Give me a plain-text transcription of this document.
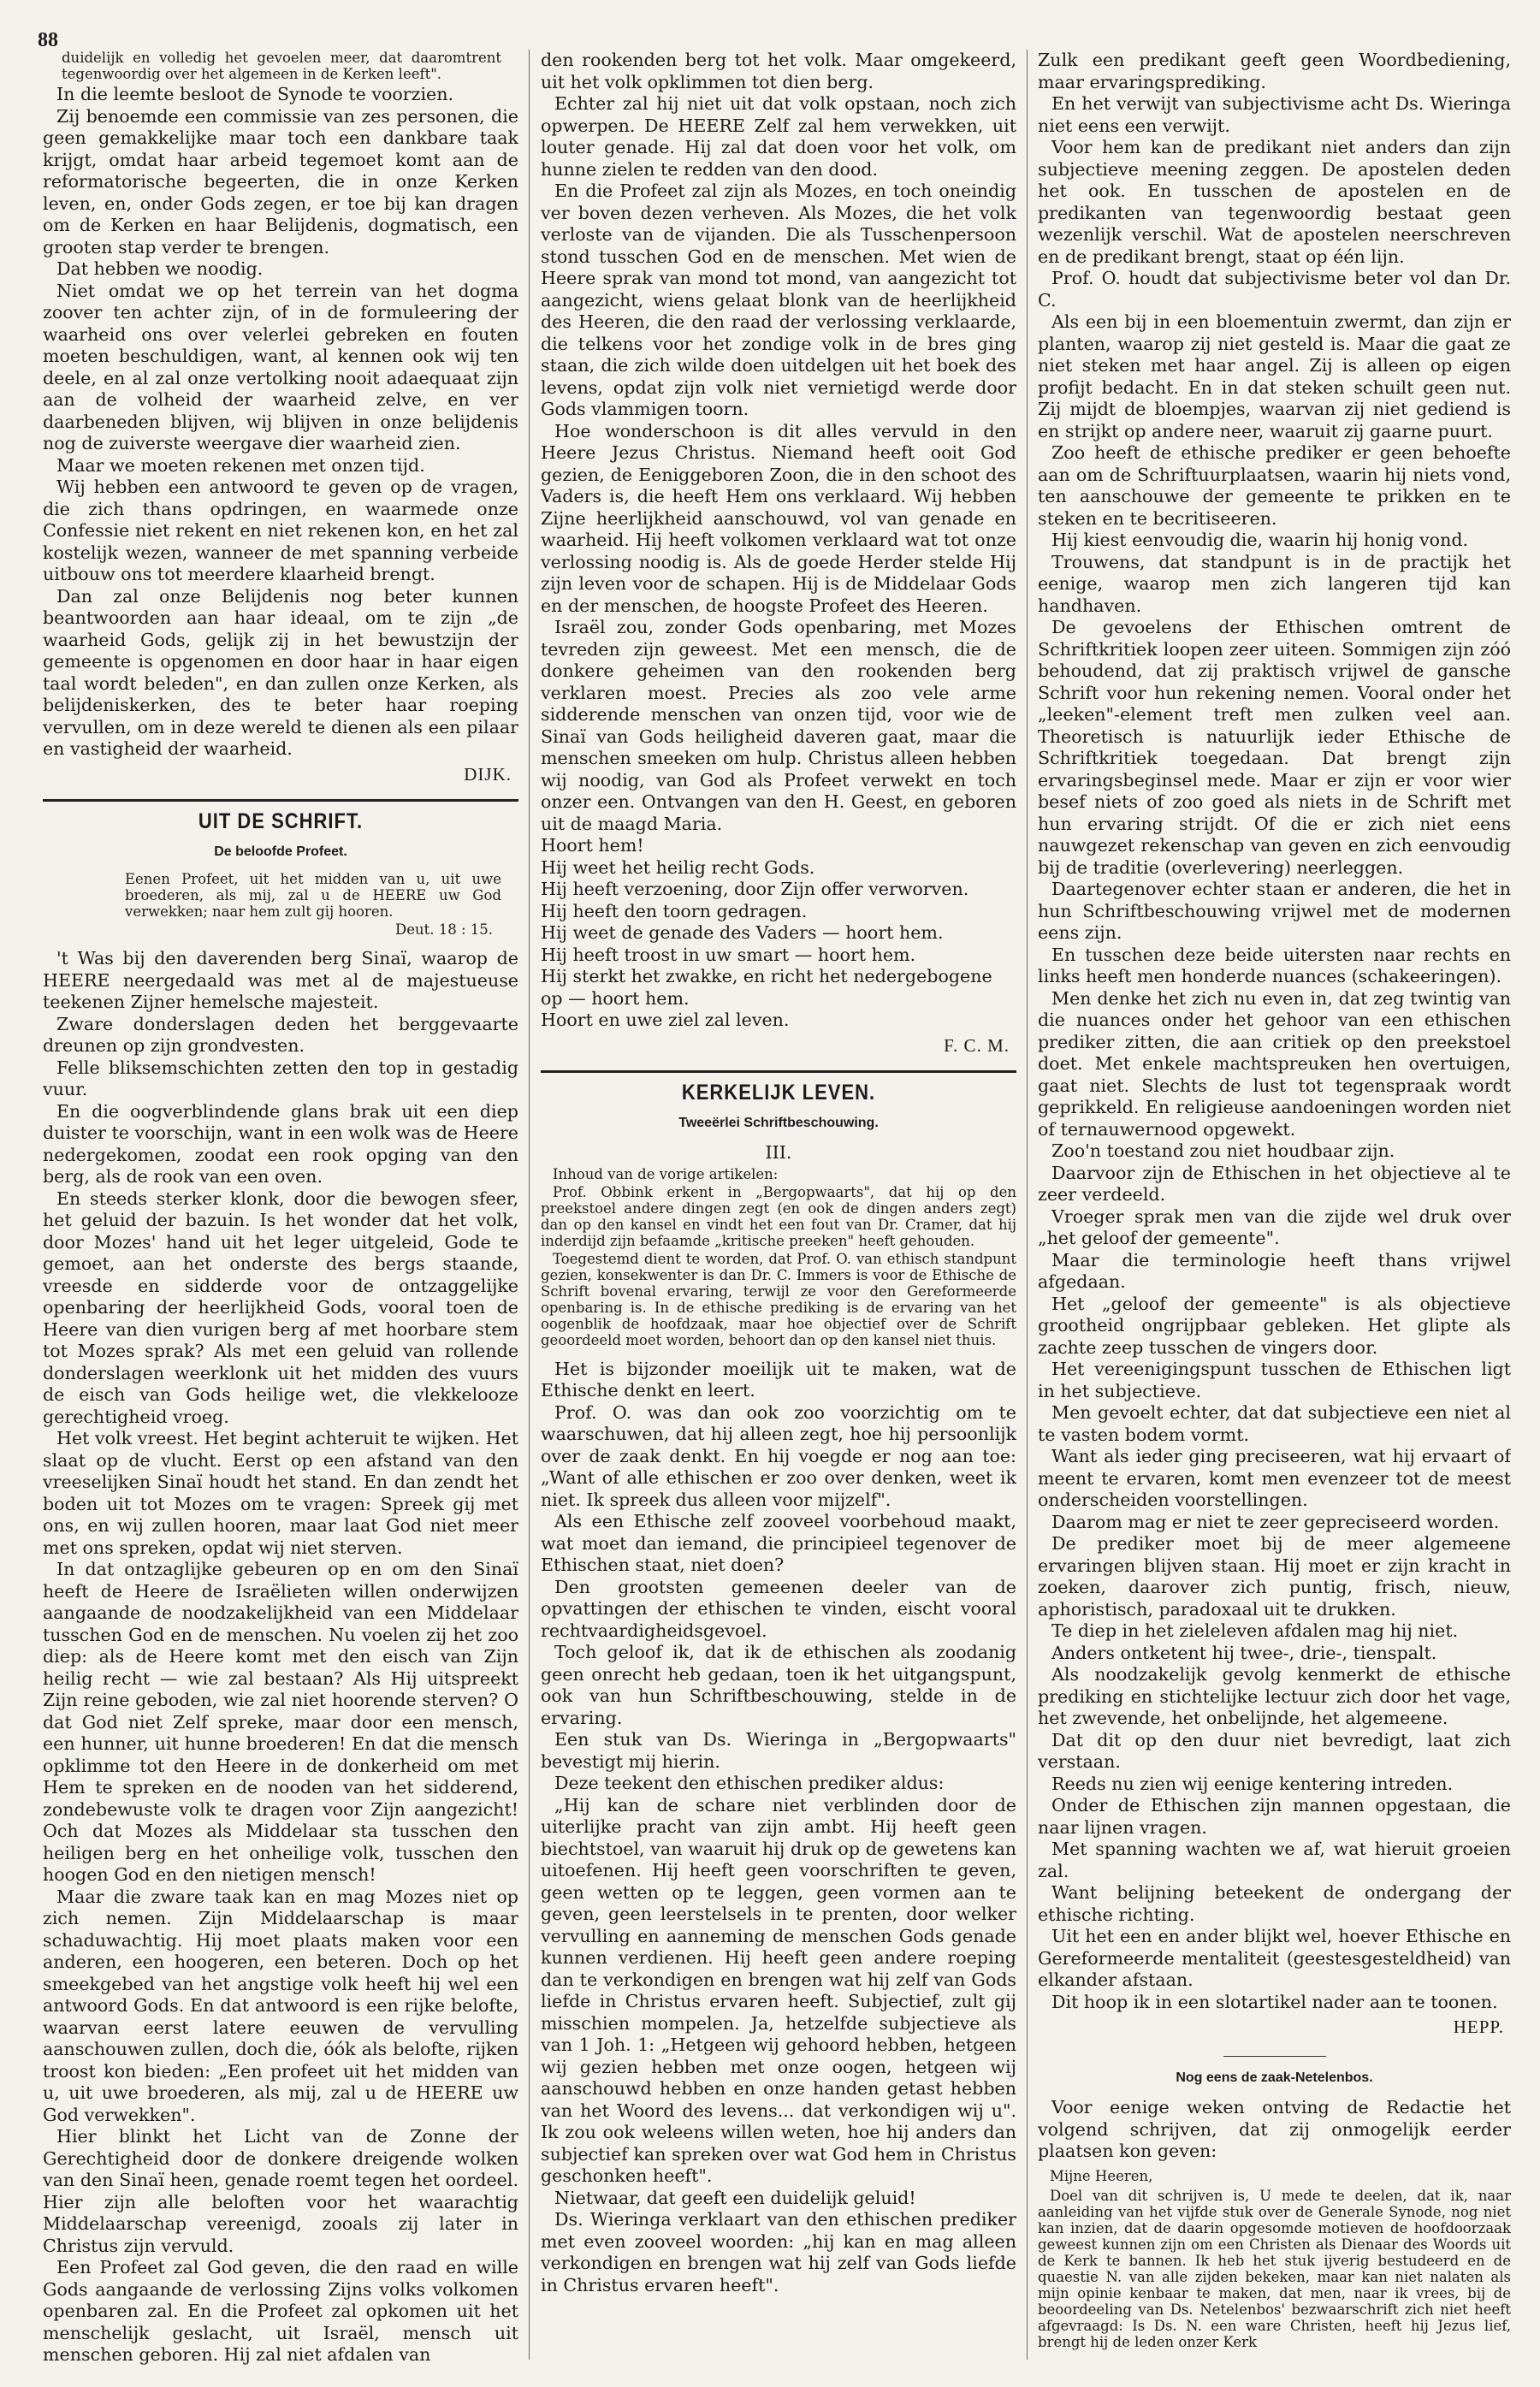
88

duidelijk en volledig het gevoelen meer, dat daaromtrent tegenwoordig over het algemeen in de Kerken leeft".

In die leemte besloot de Synode te voorzien.

Zij benoemde een commissie van zes personen, die geen gemakkelijke maar toch een dankbare taak krijgt, omdat haar arbeid tegemoet komt aan de reformatorische begeerten, die in onze Kerken leven, en, onder Gods zegen, er toe bij kan dragen om de Kerken en haar Belijdenis, dogmatisch, een grooten stap verder te brengen.

Dat hebben we noodig.

Niet omdat we op het terrein van het dogma zoover ten achter zijn, of in de formuleering der waarheid ons over velerlei gebreken en fouten moeten beschuldigen, want, al kennen ook wij ten deele, en al zal onze vertolking nooit adaequaat zijn aan de volheid der waarheid zelve, en ver daarbeneden blijven, wij blijven in onze belijdenis nog de zuiverste weergave dier waarheid zien.

Maar we moeten rekenen met onzen tijd.

Wij hebben een antwoord te geven op de vragen, die zich thans opdringen, en waarmede onze Confessie niet rekent en niet rekenen kon, en het zal kostelijk wezen, wanneer de met spanning verbeide uitbouw ons tot meerdere klaarheid brengt.

Dan zal onze Belijdenis nog beter kunnen beantwoorden aan haar ideaal, om te zijn „de waarheid Gods, gelijk zij in het bewustzijn der gemeente is opgenomen en door haar in haar eigen taal wordt beleden", en dan zullen onze Kerken, als belijdeniskerken, des te beter haar roeping vervullen, om in deze wereld te dienen als een pilaar en vastigheid der waarheid.

DIJK.
UIT DE SCHRIFT.
De beloofde Profeet.

Eenen Profeet, uit het midden van u, uit uwe broederen, als mij, zal u de HEERE uw God verwekken; naar hem zult gij hooren.

Deut. 18 : 15.

't Was bij den daverenden berg Sinaï, waarop de HEERE neergedaald was met al de majestueuse teekenen Zijner hemelsche majesteit.

Zware donderslagen deden het berggevaarte dreunen op zijn grondvesten.

Felle bliksemschichten zetten den top in gestadig vuur.

En die oogverblindende glans brak uit een diep duister te voorschijn, want in een wolk was de Heere nedergekomen, zoodat een rook opging van den berg, als de rook van een oven.

En steeds sterker klonk, door die bewogen sfeer, het geluid der bazuin. Is het wonder dat het volk, door Mozes' hand uit het leger uitgeleid, Gode te gemoet, aan het onderste des bergs staande, vreesde en sidderde voor de ontzaggelijke openbaring der heerlijkheid Gods, vooral toen de Heere van dien vurigen berg af met hoorbare stem tot Mozes sprak? Als met een geluid van rollende donderslagen weerklonk uit het midden des vuurs de eisch van Gods heilige wet, die vlekkelooze gerechtigheid vroeg.

Het volk vreest. Het begint achteruit te wijken. Het slaat op de vlucht. Eerst op een afstand van den vreeselijken Sinaï houdt het stand. En dan zendt het boden uit tot Mozes om te vragen: Spreek gij met ons, en wij zullen hooren, maar laat God niet meer met ons spreken, opdat wij niet sterven.

In dat ontzaglijke gebeuren op en om den Sinaï heeft de Heere de Israëlieten willen onderwijzen aangaande de noodzakelijkheid van een Middelaar tusschen God en de menschen. Nu voelen zij het zoo diep: als de Heere komt met den eisch van Zijn heilig recht — wie zal bestaan? Als Hij uitspreekt Zijn reine geboden, wie zal niet hoorende sterven? O dat God niet Zelf spreke, maar door een mensch, een hunner, uit hunne broederen! En dat die mensch opklimme tot den Heere in de donkerheid om met Hem te spreken en de nooden van het sidderend, zondebewuste volk te dragen voor Zijn aangezicht! Och dat Mozes als Middelaar sta tusschen den heiligen berg en het onheilige volk, tusschen den hoogen God en den nietigen mensch!

Maar die zware taak kan en mag Mozes niet op zich nemen. Zijn Middelaarschap is maar schaduwachtig. Hij moet plaats maken voor een anderen, een hoogeren, een beteren. Doch op het smeekgebed van het angstige volk heeft hij wel een antwoord Gods. En dat antwoord is een rijke belofte, waarvan eerst latere eeuwen de vervulling aanschouwen zullen, doch die, óók als belofte, rijken troost kon bieden: „Een profeet uit het midden van u, uit uwe broederen, als mij, zal u de HEERE uw God verwekken".

Hier blinkt het Licht van de Zonne der Gerechtigheid door de donkere dreigende wolken van den Sinaï heen, genade roemt tegen het oordeel. Hier zijn alle beloften voor het waarachtig Middelaarschap vereenigd, zooals zij later in Christus zijn vervuld.

Een Profeet zal God geven, die den raad en wille Gods aangaande de verlossing Zijns volks volkomen openbaren zal. En die Profeet zal opkomen uit het menschelijk geslacht, uit Israël, mensch uit menschen geboren. Hij zal niet afdalen van

den rookenden berg tot het volk. Maar omgekeerd, uit het volk opklimmen tot dien berg.

Echter zal hij niet uit dat volk opstaan, noch zich opwerpen. De HEERE Zelf zal hem verwekken, uit louter genade. Hij zal dat doen voor het volk, om hunne zielen te redden van den dood.

En die Profeet zal zijn als Mozes, en toch oneindig ver boven dezen verheven. Als Mozes, die het volk verloste van de vijanden. Die als Tusschenpersoon stond tusschen God en de menschen. Met wien de Heere sprak van mond tot mond, van aangezicht tot aangezicht, wiens gelaat blonk van de heerlijkheid des Heeren, die den raad der verlossing verklaarde, die telkens voor het zondige volk in de bres ging staan, die zich wilde doen uitdelgen uit het boek des levens, opdat zijn volk niet vernietigd werde door Gods vlammigen toorn.

Hoe wonderschoon is dit alles vervuld in den Heere Jezus Christus. Niemand heeft ooit God gezien, de Eeniggeboren Zoon, die in den schoot des Vaders is, die heeft Hem ons verklaard. Wij hebben Zijne heerlijkheid aanschouwd, vol van genade en waarheid. Hij heeft volkomen verklaard wat tot onze verlossing noodig is. Als de goede Herder stelde Hij zijn leven voor de schapen. Hij is de Middelaar Gods en der menschen, de hoogste Profeet des Heeren.

Israël zou, zonder Gods openbaring, met Mozes tevreden zijn geweest. Met een mensch, die de donkere geheimen van den rookenden berg verklaren moest. Precies als zoo vele arme sidderende menschen van onzen tijd, voor wie de Sinaï van Gods heiligheid daveren gaat, maar die menschen smeeken om hulp. Christus alleen hebben wij noodig, van God als Profeet verwekt en toch onzer een. Ontvangen van den H. Geest, en geboren uit de maagd Maria.

Hoort hem!

Hij weet het heilig recht Gods.

Hij heeft verzoening, door Zijn offer verworven.

Hij heeft den toorn gedragen.

Hij weet de genade des Vaders — hoort hem.

Hij heeft troost in uw smart — hoort hem.

Hij sterkt het zwakke, en richt het nedergebogene op — hoort hem.

Hoort en uwe ziel zal leven.

F. C. M.
KERKELIJK LEVEN.
Tweeërlei Schriftbeschouwing.
III.

Inhoud van de vorige artikelen:

Prof. Obbink erkent in „Bergopwaarts", dat hij op den preekstoel andere dingen zegt (en ook de dingen anders zegt) dan op den kansel en vindt het een fout van Dr. Cramer, dat hij inderdijd zijn befaamde „kritische preeken" heeft gehouden.

Toegestemd dient te worden, dat Prof. O. van ethisch standpunt gezien, konsekwenter is dan Dr. C. Immers is voor de Ethische de Schrift bovenal ervaring, terwijl ze voor den Gereformeerde openbaring is. In de ethische prediking is de ervaring van het oogenblik de hoofdzaak, maar hoe objectief over de Schrift geoordeeld moet worden, behoort dan op den kansel niet thuis.

Het is bijzonder moeilijk uit te maken, wat de Ethische denkt en leert.

Prof. O. was dan ook zoo voorzichtig om te waarschuwen, dat hij alleen zegt, hoe hij persoonlijk over de zaak denkt. En hij voegde er nog aan toe: „Want of alle ethischen er zoo over denken, weet ik niet. Ik spreek dus alleen voor mijzelf".

Als een Ethische zelf zooveel voorbehoud maakt, wat moet dan iemand, die principieel tegenover de Ethischen staat, niet doen?

Den grootsten gemeenen deeler van de opvattingen der ethischen te vinden, eischt vooral rechtvaardigheidsgevoel.

Toch geloof ik, dat ik de ethischen als zoodanig geen onrecht heb gedaan, toen ik het uitgangspunt, ook van hun Schriftbeschouwing, stelde in de ervaring.

Een stuk van Ds. Wieringa in „Bergopwaarts" bevestigt mij hierin.

Deze teekent den ethischen prediker aldus:

„Hij kan de schare niet verblinden door de uiterlijke pracht van zijn ambt. Hij heeft geen biechtstoel, van waaruit hij druk op de gewetens kan uitoefenen. Hij heeft geen voorschriften te geven, geen wetten op te leggen, geen vormen aan te geven, geen leerstelsels in te prenten, door welker vervulling en aanneming de menschen Gods genade kunnen verdienen. Hij heeft geen andere roeping dan te verkondigen en brengen wat hij zelf van Gods liefde in Christus ervaren heeft. Subjectief, zult gij misschien mompelen. Ja, hetzelfde subjectieve als van 1 Joh. 1: „Hetgeen wij gehoord hebben, hetgeen wij gezien hebben met onze oogen, hetgeen wij aanschouwd hebben en onze handen getast hebben van het Woord des levens... dat verkondigen wij u". Ik zou ook weleens willen weten, hoe hij anders dan subjectief kan spreken over wat God hem in Christus geschonken heeft".

Nietwaar, dat geeft een duidelijk geluid!

Ds. Wieringa verklaart van den ethischen prediker met even zooveel woorden: „hij kan en mag alleen verkondigen en brengen wat hij zelf van Gods liefde in Christus ervaren heeft".

Zulk een predikant geeft geen Woordbediening, maar ervaringsprediking.

En het verwijt van subjectivisme acht Ds. Wieringa niet eens een verwijt.

Voor hem kan de predikant niet anders dan zijn subjectieve meening zeggen. De apostelen deden het ook. En tusschen de apostelen en de predikanten van tegenwoordig bestaat geen wezenlijk verschil. Wat de apostelen neerschreven en de predikant brengt, staat op één lijn.

Prof. O. houdt dat subjectivisme beter vol dan Dr. C.

Als een bij in een bloementuin zwermt, dan zijn er planten, waarop zij niet gesteld is. Maar die gaat ze niet steken met haar angel. Zij is alleen op eigen profijt bedacht. En in dat steken schuilt geen nut. Zij mijdt de bloempjes, waarvan zij niet gediend is en strijkt op andere neer, waaruit zij gaarne puurt.

Zoo heeft de ethische prediker er geen behoefte aan om de Schriftuurplaatsen, waarin hij niets vond, ten aanschouwe der gemeente te prikken en te steken en te becritiseeren.

Hij kiest eenvoudig die, waarin hij honig vond.

Trouwens, dat standpunt is in de practijk het eenige, waarop men zich langeren tijd kan handhaven.

De gevoelens der Ethischen omtrent de Schriftkritiek loopen zeer uiteen. Sommigen zijn zóó behoudend, dat zij praktisch vrijwel de gansche Schrift voor hun rekening nemen. Vooral onder het „leeken"-element treft men zulken veel aan. Theoretisch is natuurlijk ieder Ethische de Schriftkritiek toegedaan. Dat brengt zijn ervaringsbeginsel mede. Maar er zijn er voor wier besef niets of zoo goed als niets in de Schrift met hun ervaring strijdt. Of die er zich niet eens nauwgezet rekenschap van geven en zich eenvoudig bij de traditie (overlevering) neerleggen.

Daartegenover echter staan er anderen, die het in hun Schriftbeschouwing vrijwel met de modernen eens zijn.

En tusschen deze beide uitersten naar rechts en links heeft men honderde nuances (schakeeringen).

Men denke het zich nu even in, dat zeg twintig van die nuances onder het gehoor van een ethischen prediker zitten, die aan critiek op den preekstoel doet. Met enkele machtspreuken hen overtuigen, gaat niet. Slechts de lust tot tegenspraak wordt geprikkeld. En religieuse aandoeningen worden niet of ternauwernood opgewekt.

Zoo'n toestand zou niet houdbaar zijn.

Daarvoor zijn de Ethischen in het objectieve al te zeer verdeeld.

Vroeger sprak men van die zijde wel druk over „het geloof der gemeente".

Maar die terminologie heeft thans vrijwel afgedaan.

Het „geloof der gemeente" is als objectieve grootheid ongrijpbaar gebleken. Het glipte als zachte zeep tusschen de vingers door.

Het vereenigingspunt tusschen de Ethischen ligt in het subjectieve.

Men gevoelt echter, dat dat subjectieve een niet al te vasten bodem vormt.

Want als ieder ging preciseeren, wat hij ervaart of meent te ervaren, komt men evenzeer tot de meest onderscheiden voorstellingen.

Daarom mag er niet te zeer gepreciseerd worden.

De prediker moet bij de meer algemeene ervaringen blijven staan. Hij moet er zijn kracht in zoeken, daarover zich puntig, frisch, nieuw, aphoristisch, paradoxaal uit te drukken.

Te diep in het zieleleven afdalen mag hij niet.

Anders ontketent hij twee-, drie-, tienspalt.

Als noodzakelijk gevolg kenmerkt de ethische prediking en stichtelijke lectuur zich door het vage, het zwevende, het onbelijnde, het algemeene.

Dat dit op den duur niet bevredigt, laat zich verstaan.

Reeds nu zien wij eenige kentering intreden.

Onder de Ethischen zijn mannen opgestaan, die naar lijnen vragen.

Met spanning wachten we af, wat hieruit groeien zal.

Want belijning beteekent de ondergang der ethische richting.

Uit het een en ander blijkt wel, hoever Ethische en Gereformeerde mentaliteit (geestesgesteldheid) van elkander afstaan.

Dit hoop ik in een slotartikel nader aan te toonen.

HEPP.
Nog eens de zaak-Netelenbos.

Voor eenige weken ontving de Redactie het volgend schrijven, dat zij onmogelijk eerder plaatsen kon geven:

Mijne Heeren,

Doel van dit schrijven is, U mede te deelen, dat ik, naar aanleiding van het vijfde stuk over de Generale Synode, nog niet kan inzien, dat de daarin opgesomde motieven de hoofdoorzaak geweest kunnen zijn om een Christen als Dienaar des Woords uit de Kerk te bannen. Ik heb het stuk ijverig bestudeerd en de quaestie N. van alle zijden bekeken, maar kan niet nalaten als mijn opinie kenbaar te maken, dat men, naar ik vrees, bij de beoordeeling van Ds. Netelenbos' bezwaarschrift zich niet heeft afgevraagd: Is Ds. N. een ware Christen, heeft hij Jezus lief, brengt hij de leden onzer Kerk
